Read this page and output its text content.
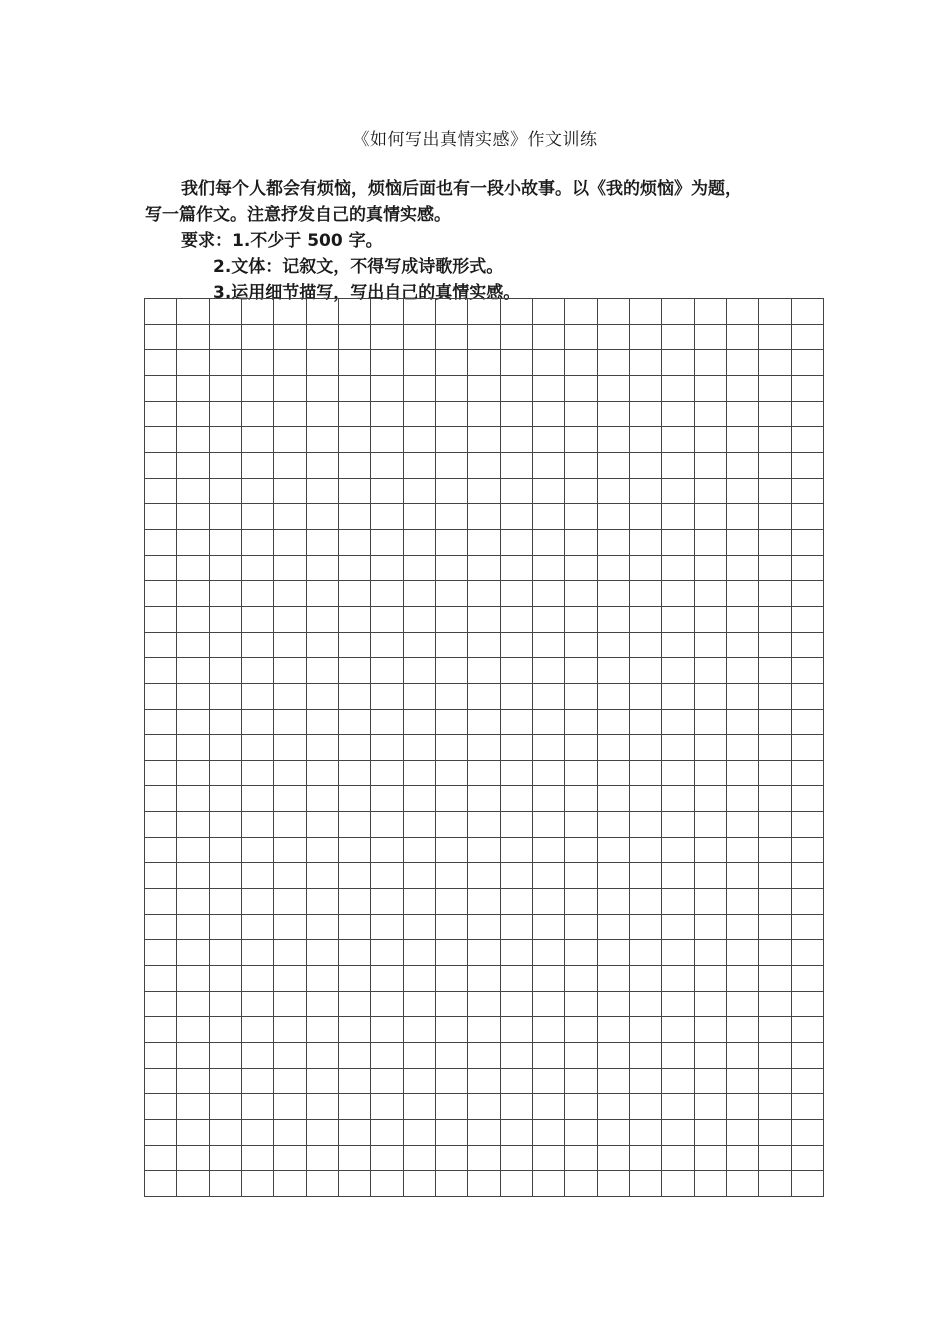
《如何写出真情实感》作文训练
我们每个人都会有烦恼，烦恼后面也有一段小故事。以《我的烦恼》为题，
写一篇作文。注意抒发自己的真情实感。
要求：1.不少于 500 字。
2.文体：记叙文，不得写成诗歌形式。
3.运用细节描写，写出自己的真情实感。
